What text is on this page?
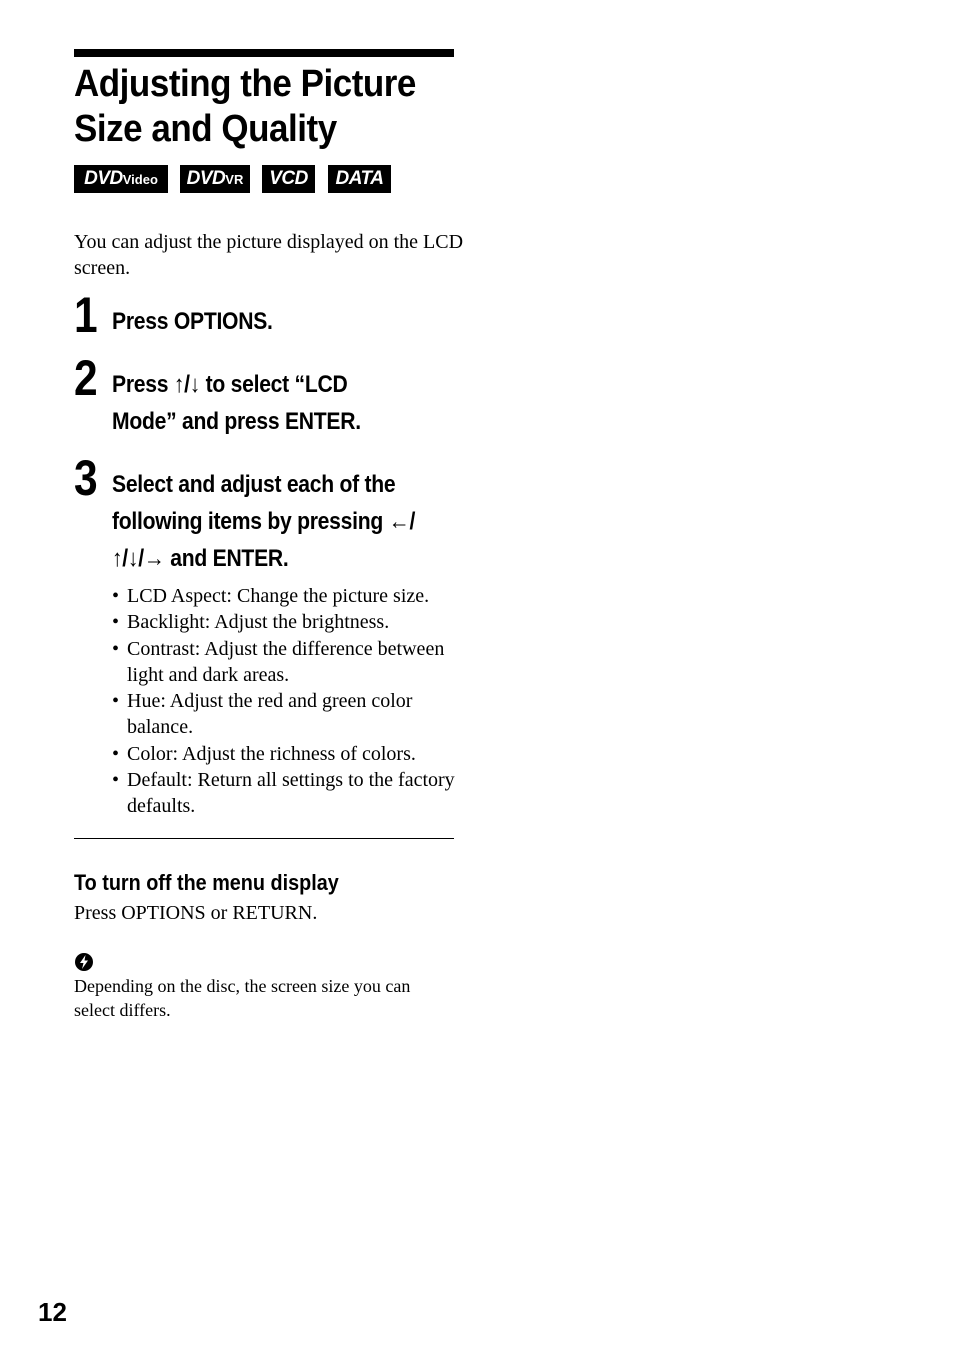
Adjusting the Picture Size and Quality
DVDVideo	DVDVR	VCD	DATA
You can adjust the picture displayed on the LCD screen.
1 Press OPTIONS.
2 Press ↑/↓ to select “LCD
Mode” and press ENTER.
3 Select and adjust each of the
following items by pressing ←/
↑/↓/→ and ENTER.
• LCD Aspect: Change the picture size.
• Backlight: Adjust the brightness.
• Contrast: Adjust the difference between light and dark areas.
• Hue: Adjust the red and green color balance.
• Color: Adjust the richness of colors.
• Default: Return all settings to the factory defaults.
To turn off the menu display
Press OPTIONS or RETURN.
Depending on the disc, the screen size you can select differs.
12
